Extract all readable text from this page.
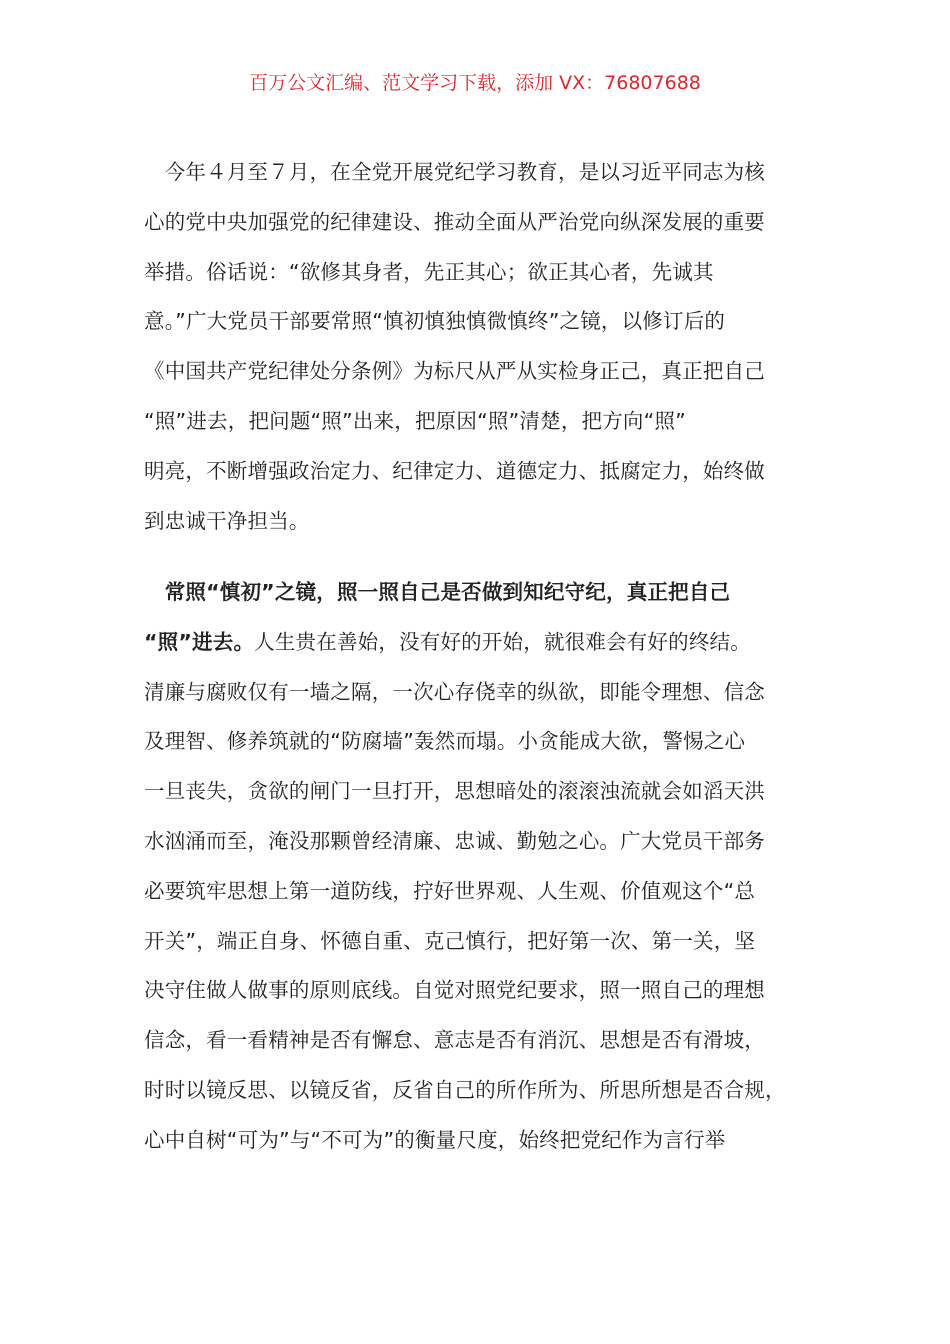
百万公文汇编、范文学习下载，添加 VX：76807688
　今年４月至７月，在全党开展党纪学习教育，是以习近平同志为核
心的党中央加强党的纪律建设、推动全面从严治党向纵深发展的重要
举措。俗话说：“欲修其身者，先正其心；欲正其心者，先诚其
意。”广大党员干部要常照“慎初慎独慎微慎终”之镜，以修订后的
《中国共产党纪律处分条例》为标尺从严从实检身正己，真正把自己
“照”进去，把问题“照”出来，把原因“照”清楚，把方向“照”
明亮，不断增强政治定力、纪律定力、道德定力、抵腐定力，始终做
到忠诚干净担当。
　常照“慎初”之镜，照一照自己是否做到知纪守纪，真正把自己
“照”进去。人生贵在善始，没有好的开始，就很难会有好的终结。
清廉与腐败仅有一墙之隔，一次心存侥幸的纵欲，即能令理想、信念
及理智、修养筑就的“防腐墙”轰然而塌。小贪能成大欲，警惕之心
一旦丧失，贪欲的闸门一旦打开，思想暗处的滚滚浊流就会如滔天洪
水汹涌而至，淹没那颗曾经清廉、忠诚、勤勉之心。广大党员干部务
必要筑牢思想上第一道防线，拧好世界观、人生观、价值观这个“总
开关”，端正自身、怀德自重、克己慎行，把好第一次、第一关，坚
决守住做人做事的原则底线。自觉对照党纪要求，照一照自己的理想
信念，看一看精神是否有懈怠、意志是否有消沉、思想是否有滑坡，
时时以镜反思、以镜反省，反省自己的所作所为、所思所想是否合规，
心中自树“可为”与“不可为”的衡量尺度，始终把党纪作为言行举
